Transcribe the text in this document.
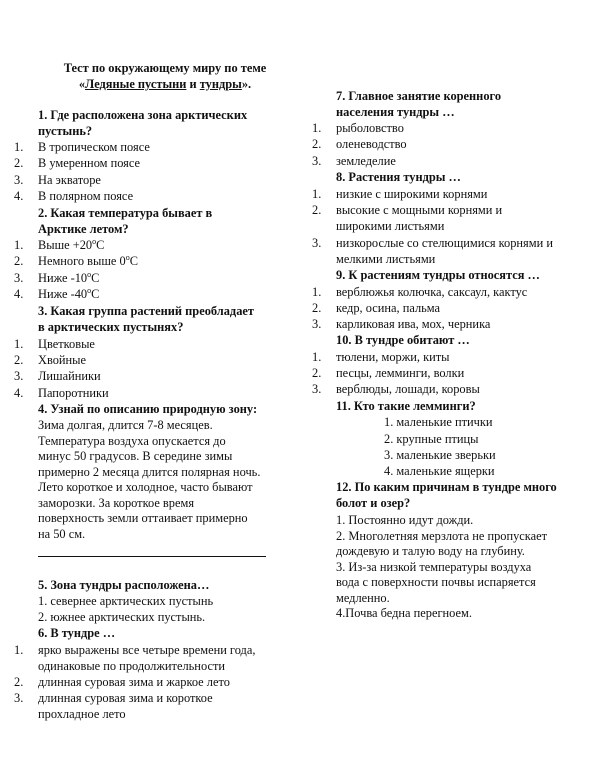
Тест по окружающему миру по теме
«Ледяные пустыни и тундры».
1. Где расположена зона арктических
пустынь?
1. В тропическом поясе
2. В умеренном поясе
3. На экваторе
4. В полярном поясе
2. Какая температура бывает в
Арктике летом?
1. Выше $+20^оС$
2. Немного выше $0^оС$
3. Ниже $-10^оС$
4. Ниже $-40^оС$
3. Какая группа растений преобладает
в арктических пустынях?
1. Цветковые
2. Хвойные
3. Лишайники
4. Папоротники
4. Узнай по описанию природную зону:
Зима долгая, длится 7-8 месяцев.
Температура воздуха опускается до
минус 50 градусов. В середине зимы
примерно 2 месяца длится полярная ночь.
Лето короткое и холодное, часто бывают
заморозки. За короткое время
поверхность земли оттаивает примерно
на 50 см.
5. Зона тундры расположена…
1. севернее арктических пустынь
2. южнее арктических пустынь.
6. В тундре …
1. ярко выражены все четыре времени года,
одинаковые по продолжительности
2. длинная суровая зима и жаркое лето
3. длинная суровая зима и короткое
прохладное лето
7. Главное занятие коренного
населения тундры …
1. рыболовство
2. оленеводство
3. земледелие
8. Растения тундры …
1. низкие с широкими корнями
2. высокие с мощными корнями и
широкими листьями
3. низкорослые со стелющимися корнями и
мелкими листьями
9. К растениям тундры относятся …
1. верблюжья колючка, саксаул, кактус
2. кедр, осина, пальма
3. карликовая ива, мох, черника
10. В тундре обитают …
1. тюлени, моржи, киты
2. песцы, лемминги, волки
3. верблюды, лошади, коровы
11. Кто такие лемминги?
1. маленькие птички
2. крупные птицы
3. маленькие зверьки
4. маленькие ящерки
12. По каким причинам в тундре много
болот и озер?
1. Постоянно идут дожди.
2. Многолетняя мерзлота не пропускает
дождевую и талую воду на глубину.
3. Из-за низкой температуры воздуха
вода с поверхности почвы испаряется
медленно.
4.Почва бедна перегноем.
